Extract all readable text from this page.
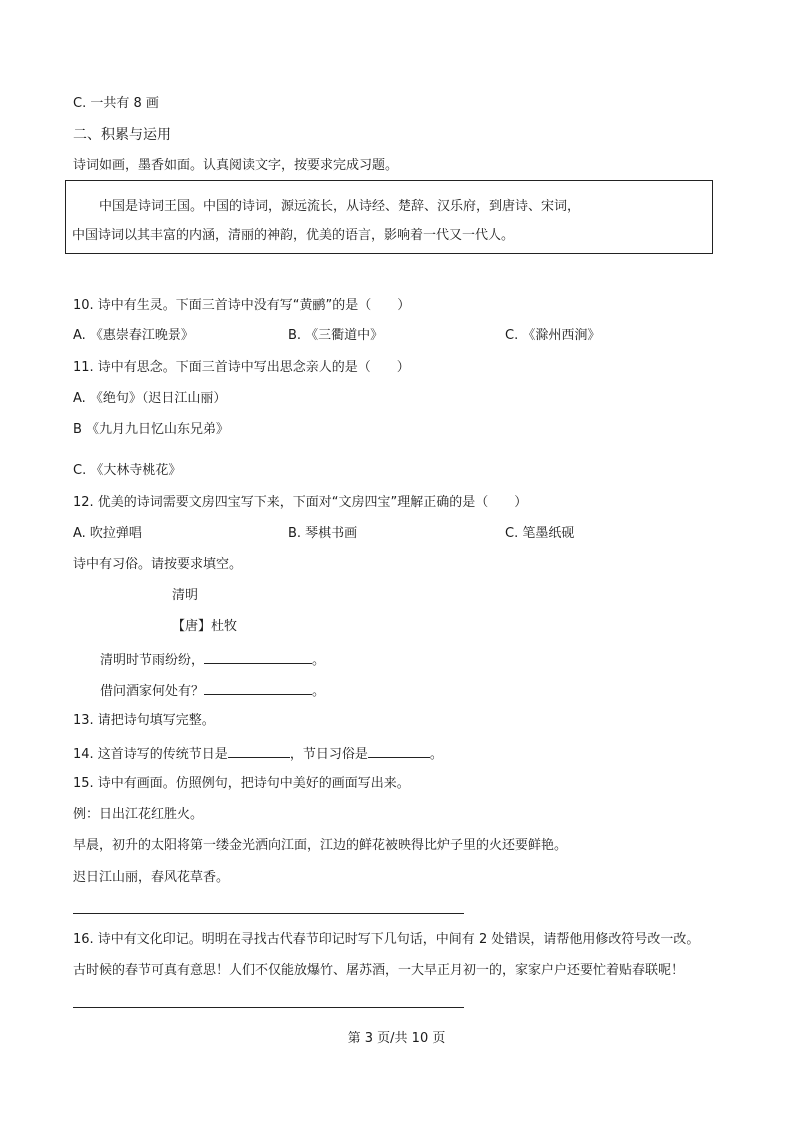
C. 一共有 8 画
二、积累与运用
诗词如画，墨香如面。认真阅读文字，按要求完成习题。
中国是诗词王国。中国的诗词，源远流长，从诗经、楚辞、汉乐府，到唐诗、宋词，
中国诗词以其丰富的内涵，清丽的神韵，优美的语言，影响着一代又一代人。
10. 诗中有生灵。下面三首诗中没有写“黄鹂”的是（　　）
A. 《惠崇春江晚景》	B. 《三衢道中》	C. 《滁州西涧》
11. 诗中有思念。下面三首诗中写出思念亲人的是（　　）
A. 《绝句》（迟日江山丽）
B 《九月九日忆山东兄弟》
C. 《大林寺桃花》
12. 优美的诗词需要文房四宝写下来，下面对“文房四宝”理解正确的是（　　）
A. 吹拉弹唱	B. 琴棋书画	C. 笔墨纸砚
诗中有习俗。请按要求填空。
清明
【唐】杜牧
清明时节雨纷纷，	。
借问酒家何处有？	。
13. 请把诗句填写完整。
14. 这首诗写的传统节日是	，节日习俗是	。
15. 诗中有画面。仿照例句，把诗句中美好的画面写出来。
例：日出江花红胜火。
早晨，初升的太阳将第一缕金光洒向江面，江边的鲜花被映得比炉子里的火还要鲜艳。
迟日江山丽，春风花草香。
16. 诗中有文化印记。明明在寻找古代春节印记时写下几句话，中间有 2 处错误，请帮他用修改符号改一改。
古时候的春节可真有意思！人们不仅能放爆竹、屠苏酒，一大早正月初一的，家家户户还要忙着贴春联呢！
第 3 页/共 10 页
